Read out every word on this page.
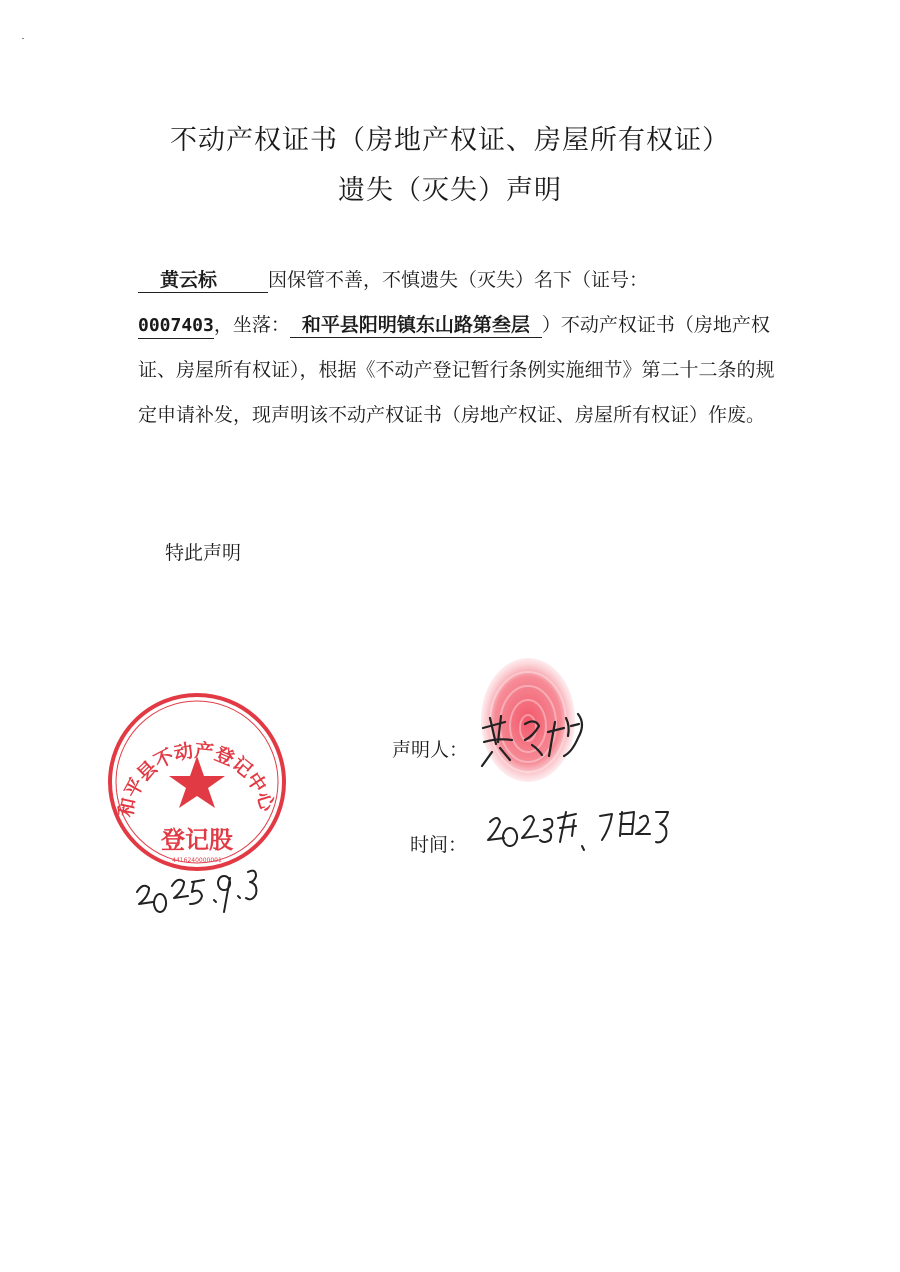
不动产权证书（房地产权证、房屋所有权证）
遗失（灭失）声明
黄云标	因保管不善，不慎遗失（灭失）名下（证号：
0007403，坐落： 和平县阳明镇东山路第叁层 ）不动产权证书（房地产权证、房屋所有权证），根据《不动产登记暂行条例实施细节》第二十二条的规定申请补发，现声明该不动产权证书（房地产权证、房屋所有权证）作废。
特此声明
声明人：
时间：
和平县不动产登记中心
登记股
4416240000001
